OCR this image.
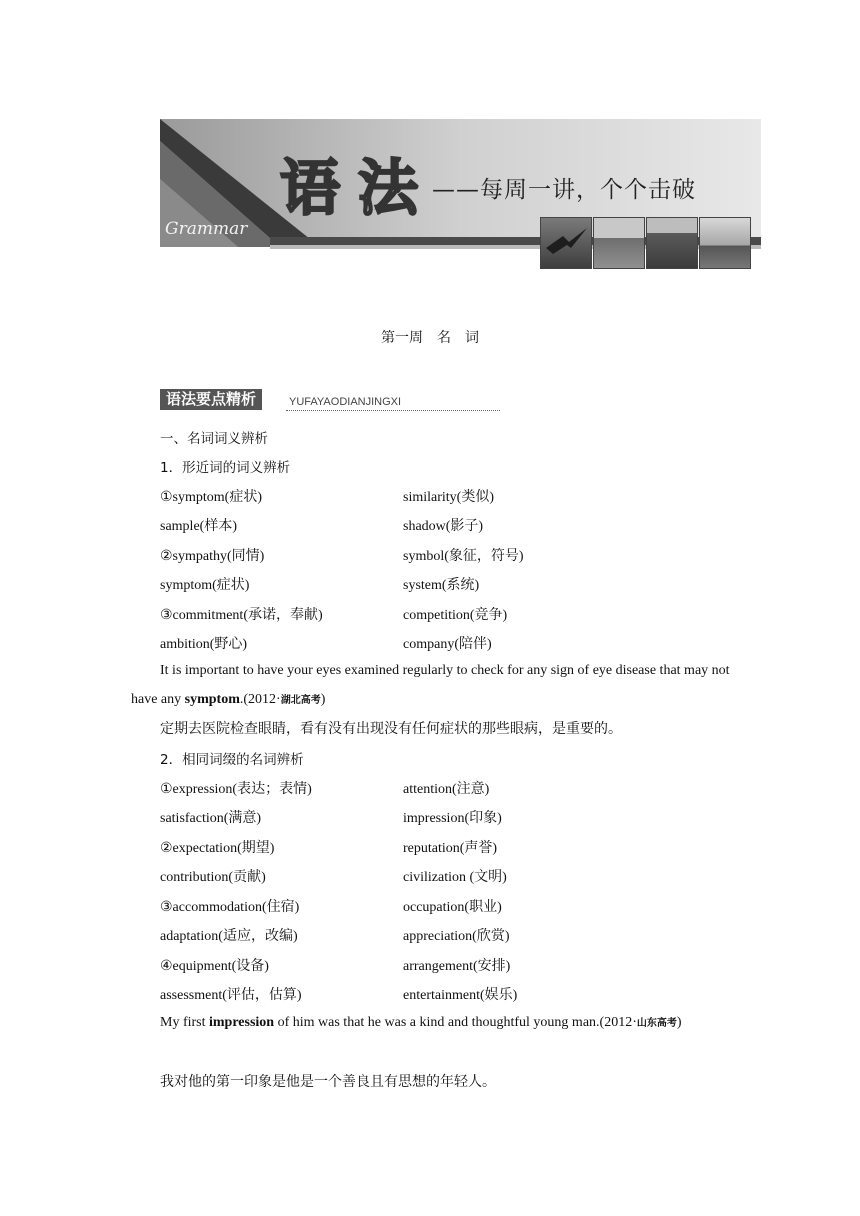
语法
——每周一讲，个个击破
Grammar
第一周　名　词
语法要点精析	YUFAYAODIANJINGXI
一、名词词义辨析
1．形近词的词义辨析
①symptom(症状)	similarity(类似)
sample(样本)	shadow(影子)
②sympathy(同情)	symbol(象征，符号)
symptom(症状)	system(系统)
③commitment(承诺，奉献)	competition(竞争)
ambition(野心)	company(陪伴)
It is important to have your eyes examined regularly to check for any sign of eye disease that may not have any symptom.(2012·湖北高考)
定期去医院检查眼睛，看有没有出现没有任何症状的那些眼病，是重要的。
2．相同词缀的名词辨析
①expression(表达；表情)	attention(注意)
satisfaction(满意)	impression(印象)
②expectation(期望)	reputation(声誉)
contribution(贡献)	civilization (文明)
③accommodation(住宿)	occupation(职业)
adaptation(适应，改编)	appreciation(欣赏)
④equipment(设备)	arrangement(安排)
assessment(评估，估算)	entertainment(娱乐)
My first impression of him was that he was a kind and thoughtful young man.(2012·山东高考)
我对他的第一印象是他是一个善良且有思想的年轻人。
